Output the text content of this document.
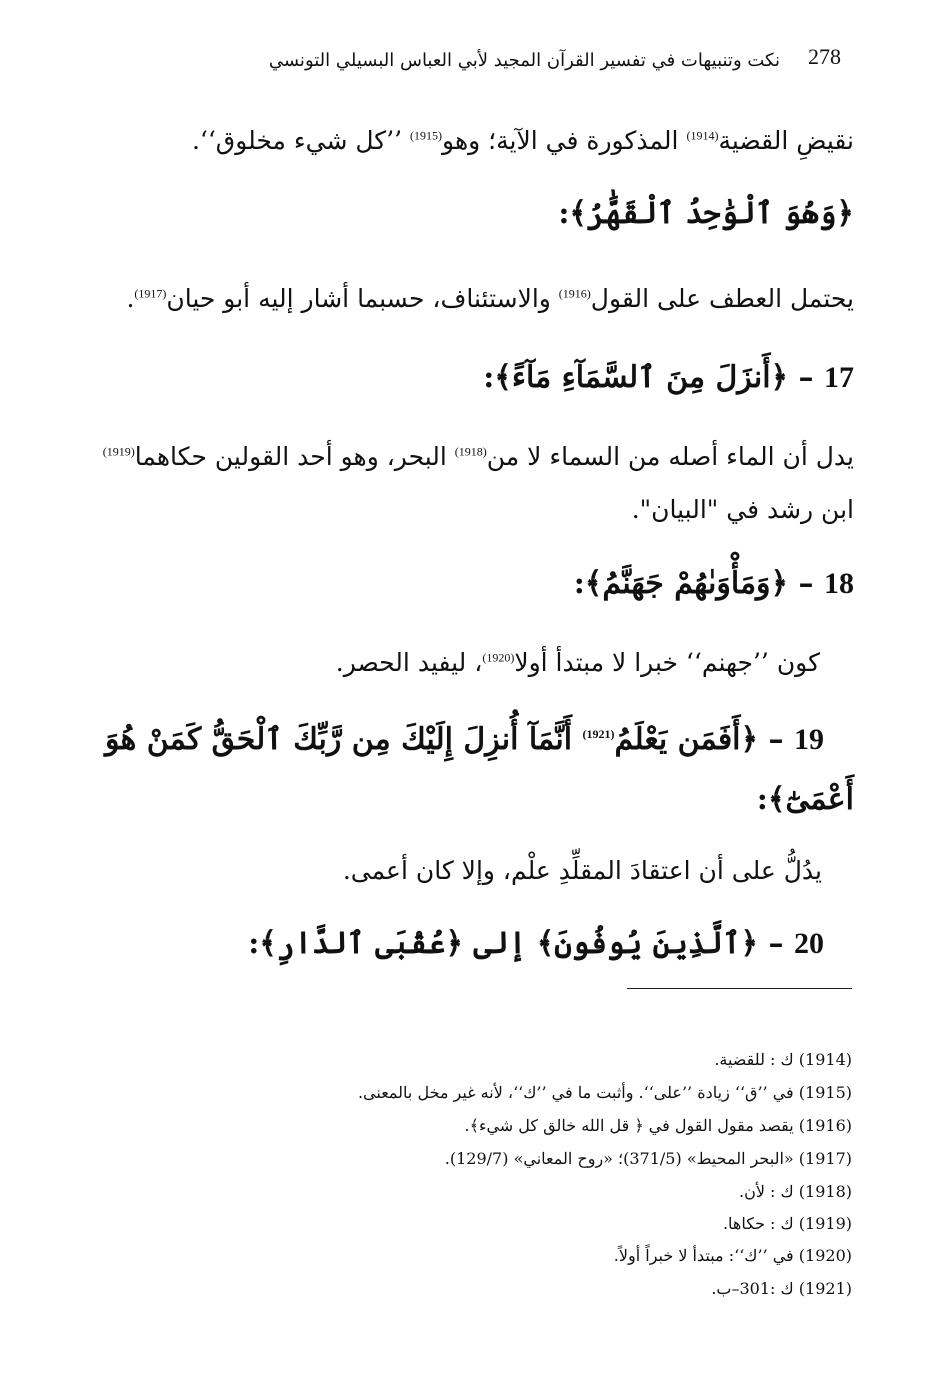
278
نكت وتنبيهات في تفسير القرآن المجيد لأبي العباس البسيلي التونسي
نقيضِ القضية$^{(1914)}$ المذكورة في الآية؛ وهو$^{(1915)}$ ’’كل شيء مخلوق‘‘.
﴿وَهُوَ ٱلْوَٰحِدُ ٱلْقَهَّٰرُ﴾:
يحتمل العطف على القول$^{(1916)}$ والاستئناف، حسبما أشار إليه أبو حيان$^{(1917)}$.
17 – ﴿أَنزَلَ مِنَ ٱلسَّمَآءِ مَآءً﴾:
يدل أن الماء أصله من السماء لا من$^{(1918)}$ البحر، وهو أحد القولين حكاهما$^{(1919)}$
ابن رشد في "البيان".
18 – ﴿وَمَأْوَىٰهُمْ جَهَنَّمُ﴾:
كون ’’جهنم‘‘ خبرا لا مبتدأ أولا$^{(1920)}$، ليفيد الحصر.
19 – ﴿أَفَمَن يَعْلَمُ$^{(1921)}$ أَنَّمَآ أُنزِلَ إِلَيْكَ مِن رَّبِّكَ ٱلْحَقُّ كَمَنْ هُوَ
أَعْمَىٰٓ﴾:
يدُلُّ على أن اعتقادَ المقلِّدِ علْم، وإلا كان أعمى.
20 – ﴿ٱلَّذِينَ يُوفُونَ﴾ إلى ﴿عُقْبَى ٱلدَّارِ﴾:
(1914) ك : للقضية.
(1915) في ’’ق‘‘ زيادة ’’على‘‘. وأثبت ما في ’’ك‘‘، لأنه غير مخل بالمعنى.
(1916) يقصد مقول القول في ﴿ قل الله خالق كل شيء﴾.
(1917) «البحر المحيط» (371/5)؛ «روح المعاني» (129/7).
(1918) ك : لأن.
(1919) ك : حكاها.
(1920) في ’’ك‘‘: مبتدأ لا خبراً أولاً.
(1921) ك :301–ب.
